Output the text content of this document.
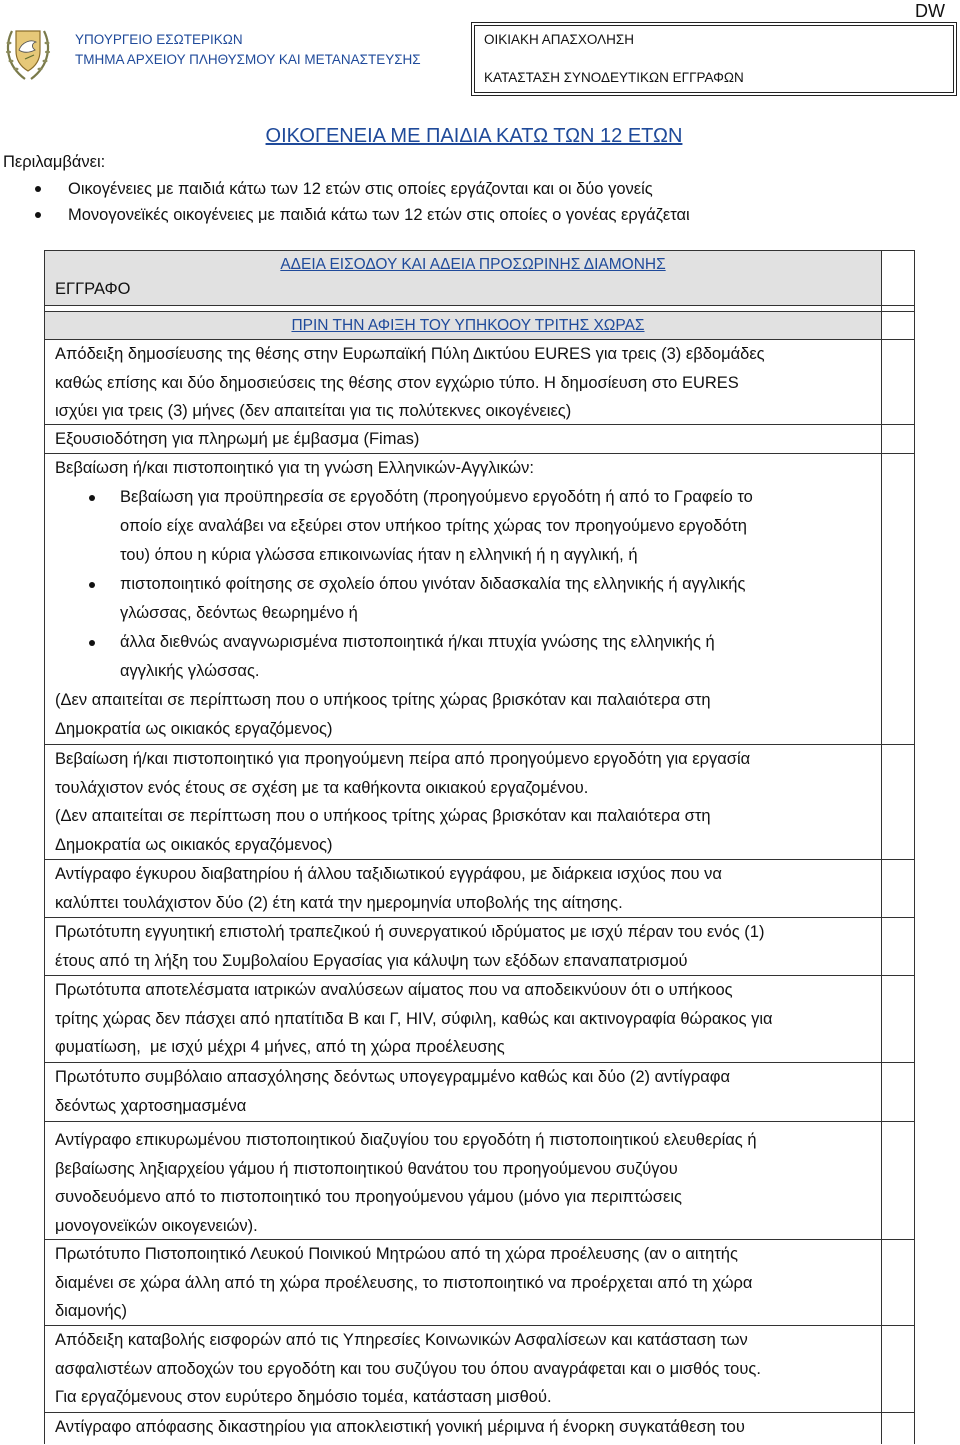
DW
ΥΠΟΥΡΓΕΙΟ ΕΣΩΤΕΡΙΚΩΝ
ΤΜΗΜΑ ΑΡΧΕΙΟΥ ΠΛΗΘΥΣΜΟΥ ΚΑΙ ΜΕΤΑΝΑΣΤΕΥΣΗΣ
ΟΙΚΙΑΚΗ ΑΠΑΣΧΟΛΗΣΗ
ΚΑΤΑΣΤΑΣΗ ΣΥΝΟΔΕΥΤΙΚΩΝ ΕΓΓΡΑΦΩΝ
ΟΙΚΟΓΕΝΕΙΑ ΜΕ ΠΑΙΔΙΑ ΚΑΤΩ ΤΩΝ 12 ΕΤΩΝ
Περιλαμβάνει:
Οικογένειες με παιδιά κάτω των 12 ετών στις οποίες εργάζονται και οι δύο γονείς
Μονογονεϊκές οικογένειες με παιδιά κάτω των 12 ετών στις οποίες ο γονέας εργάζεται
ΑΔΕΙΑ ΕΙΣΟΔΟΥ ΚΑΙ ΑΔΕΙΑ ΠΡΟΣΩΡΙΝΗΣ ΔΙΑΜΟΝΗΣ
ΕΓΓΡΑΦΟ
ΠΡΙΝ ΤΗΝ ΑΦΙΞΗ ΤΟΥ ΥΠΗΚΟΟΥ ΤΡΙΤΗΣ ΧΩΡΑΣ
Απόδειξη δημοσίευσης της θέσης στην Ευρωπαϊκή Πύλη Δικτύου EURES για τρεις (3) εβδομάδες
καθώς επίσης και δύο δημοσιεύσεις της θέσης στον εγχώριο τύπο. Η δημοσίευση στο EURES
ισχύει για τρεις (3) μήνες (δεν απαιτείται για τις πολύτεκνες οικογένειες)
Εξουσιοδότηση για πληρωμή με έμβασμα (Fimas)
Βεβαίωση ή/και πιστοποιητικό για τη γνώση Ελληνικών-Αγγλικών:
Βεβαίωση για προϋπηρεσία σε εργοδότη (προηγούμενο εργοδότη ή από το Γραφείο το
οποίο είχε αναλάβει να εξεύρει στον υπήκοο τρίτης χώρας τον προηγούμενο εργοδότη
του) όπου η κύρια γλώσσα επικοινωνίας ήταν η ελληνική ή η αγγλική, ή
πιστοποιητικό φοίτησης σε σχολείο όπου γινόταν διδασκαλία της ελληνικής ή αγγλικής
γλώσσας, δεόντως θεωρημένο ή
άλλα διεθνώς αναγνωρισμένα πιστοποιητικά ή/και πτυχία γνώσης της ελληνικής ή
αγγλικής γλώσσας.
(Δεν απαιτείται σε περίπτωση που ο υπήκοος τρίτης χώρας βρισκόταν και παλαιότερα στη
Δημοκρατία ως οικιακός εργαζόμενος)
Βεβαίωση ή/και πιστοποιητικό για προηγούμενη πείρα από προηγούμενο εργοδότη για εργασία
τουλάχιστον ενός έτους σε σχέση με τα καθήκοντα οικιακού εργαζομένου.
(Δεν απαιτείται σε περίπτωση που ο υπήκοος τρίτης χώρας βρισκόταν και παλαιότερα στη
Δημοκρατία ως οικιακός εργαζόμενος)
Αντίγραφο έγκυρου διαβατηρίου ή άλλου ταξιδιωτικού εγγράφου, με διάρκεια ισχύος που να
καλύπτει τουλάχιστον δύο (2) έτη κατά την ημερομηνία υποβολής της αίτησης.
Πρωτότυπη εγγυητική επιστολή τραπεζικού ή συνεργατικού ιδρύματος με ισχύ πέραν του ενός (1)
έτους από τη λήξη του Συμβολαίου Εργασίας για κάλυψη των εξόδων επαναπατρισμού
Πρωτότυπα αποτελέσματα ιατρικών αναλύσεων αίματος που να αποδεικνύουν ότι ο υπήκοος
τρίτης χώρας δεν πάσχει από ηπατίτιδα Β και Γ, HIV, σύφιλη, καθώς και ακτινογραφία θώρακος για
φυματίωση,  με ισχύ μέχρι 4 μήνες, από τη χώρα προέλευσης
Πρωτότυπο συμβόλαιο απασχόλησης δεόντως υπογεγραμμένο καθώς και δύο (2) αντίγραφα
δεόντως χαρτοσημασμένα
Αντίγραφο επικυρωμένου πιστοποιητικού διαζυγίου του εργοδότη ή πιστοποιητικού ελευθερίας ή
βεβαίωσης ληξιαρχείου γάμου ή πιστοποιητικού θανάτου του προηγούμενου συζύγου
συνοδευόμενο από το πιστοποιητικό του προηγούμενου γάμου (μόνο για περιπτώσεις
μονογονεϊκών οικογενειών).
Πρωτότυπο Πιστοποιητικό Λευκού Ποινικού Μητρώου από τη χώρα προέλευσης (αν ο αιτητής
διαμένει σε χώρα άλλη από τη χώρα προέλευσης, το πιστοποιητικό να προέρχεται από τη χώρα
διαμονής)
Απόδειξη καταβολής εισφορών από τις Υπηρεσίες Κοινωνικών Ασφαλίσεων και κατάσταση των
ασφαλιστέων αποδοχών του εργοδότη και του συζύγου του όπου αναγράφεται και ο μισθός τους.
Για εργαζόμενους στον ευρύτερο δημόσιο τομέα, κατάσταση μισθού.
Αντίγραφο απόφασης δικαστηρίου για αποκλειστική γονική μέριμνα ή ένορκη συγκατάθεση του
